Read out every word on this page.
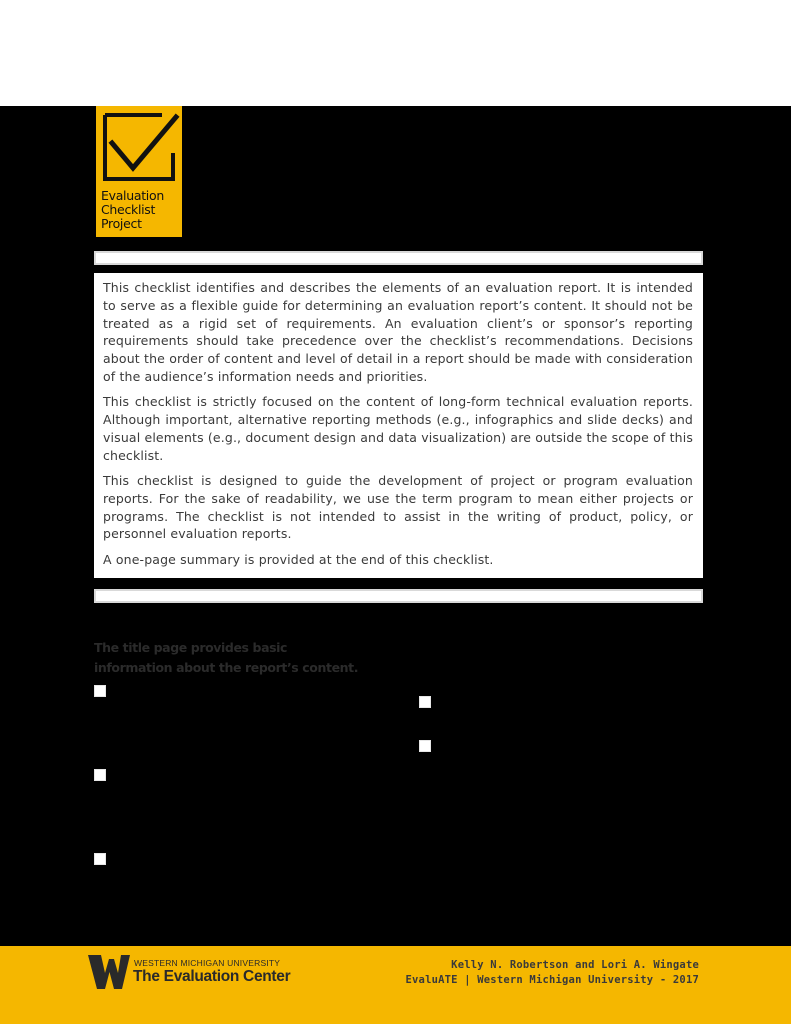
Evaluation
Checklist
Project

This checklist identifies and describes the elements of an evaluation report. It is intended to serve as a flexible guide for determining an evaluation report’s content. It should not be treated as a rigid set of requirements. An evaluation client’s or sponsor’s reporting requirements should take precedence over the checklist’s recommendations. Decisions about the order of content and level of detail in a report should be made with consideration of the audience’s information needs and priorities.

This checklist is strictly focused on the content of long-form technical evaluation reports. Although important, alternative reporting methods (e.g., infographics and slide decks) and visual elements (e.g., document design and data visualization) are outside the scope of this checklist.

This checklist is designed to guide the development of project or program evaluation reports. For the sake of readability, we use the term program to mean either projects or programs. The checklist is not intended to assist in the writing of product, policy, or personnel evaluation reports.

A one-page summary is provided at the end of this checklist.

The title page provides basic information about the report’s content.
WESTERN MICHIGAN UNIVERSITY
The Evaluation Center
Kelly N. Robertson and Lori A. Wingate
EvaluATE | Western Michigan University - 2017
